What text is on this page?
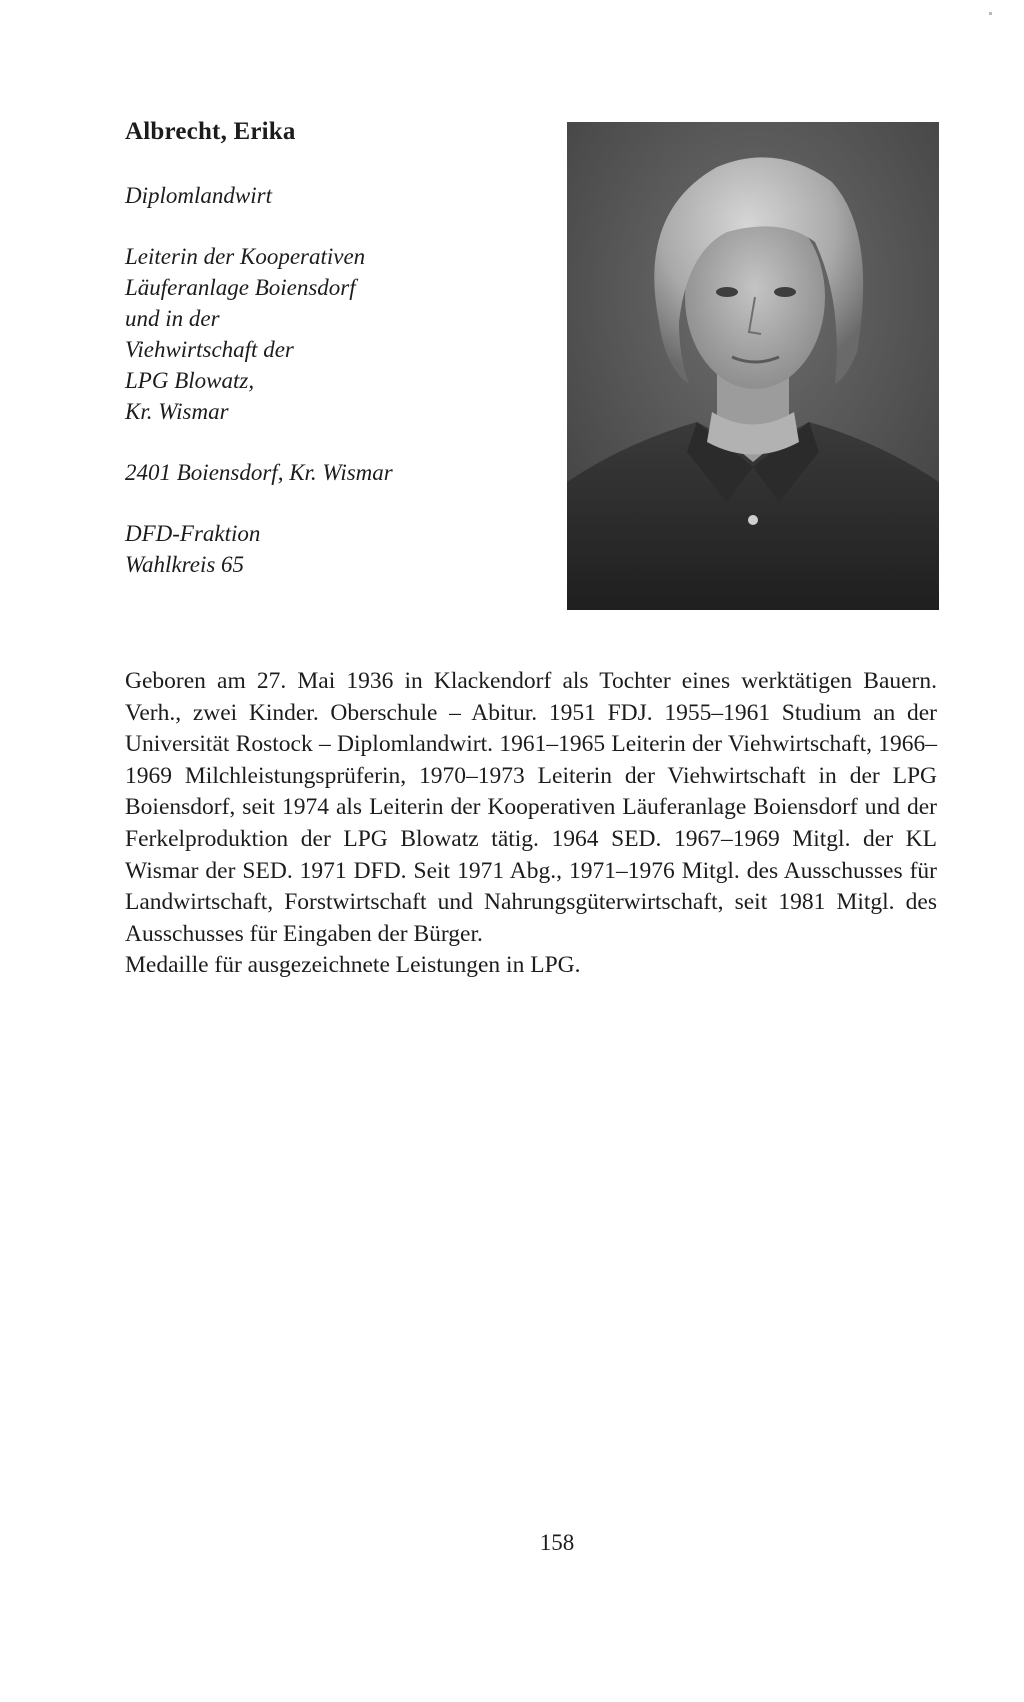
Albrecht, Erika
Diplomlandwirt
Leiterin der Kooperativen
Läuferanlage Boiensdorf
und in der
Viehwirtschaft der
LPG Blowatz,
Kr. Wismar
2401 Boiensdorf, Kr. Wismar
DFD-Fraktion
Wahlkreis 65

Geboren am 27. Mai 1936 in Klackendorf als Tochter eines werktätigen Bauern. Verh., zwei Kinder. Oberschule – Abitur. 1951 FDJ. 1955–1961 Studium an der Universität Rostock – Diplomlandwirt. 1961–1965 Leiterin der Viehwirtschaft, 1966–1969 Milchleistungsprüferin, 1970–1973 Leiterin der Viehwirtschaft in der LPG Boiensdorf, seit 1974 als Leiterin der Kooperativen Läuferanlage Boiensdorf und der Ferkelproduktion der LPG Blowatz tätig. 1964 SED. 1967–1969 Mitgl. der KL Wismar der SED. 1971 DFD. Seit 1971 Abg., 1971–1976 Mitgl. des Ausschusses für Landwirtschaft, Forstwirtschaft und Nahrungsgüterwirtschaft, seit 1981 Mitgl. des Ausschusses für Eingaben der Bürger.

Medaille für ausgezeichnete Leistungen in LPG.

158
